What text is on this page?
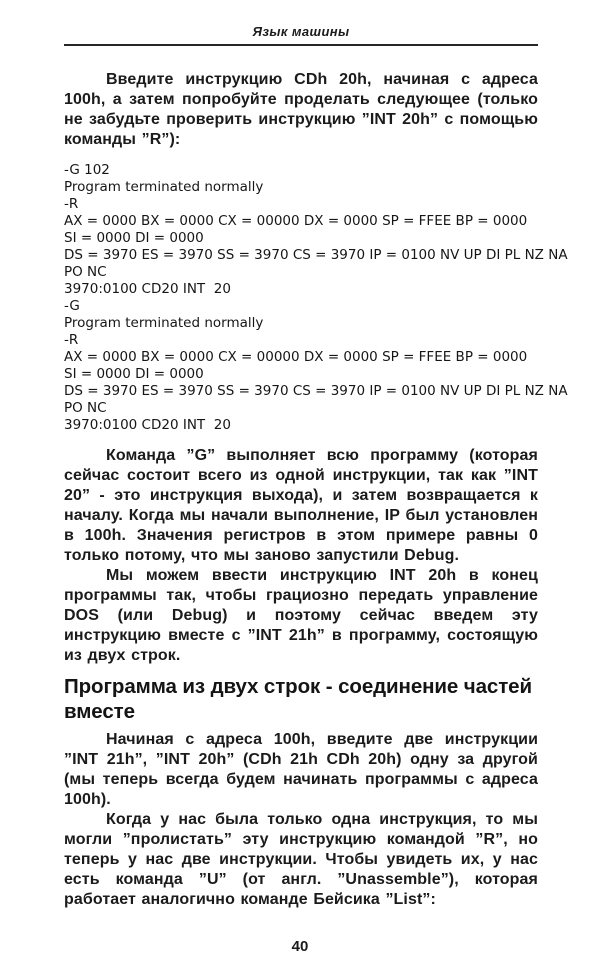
Язык машины

Введите инструкцию CDh 20h, начиная с адреса 100h, а затем попробуйте проделать следующее (только не забудьте проверить инструкцию ”INT 20h” с помощью команды ”R”):

-G 102
Program terminated normally
-R
AX = 0000 BX = 0000 CX = 00000 DX = 0000 SP = FFEE BP = 0000
SI = 0000 DI = 0000
DS = 3970 ES = 3970 SS = 3970 CS = 3970 IP = 0100 NV UP DI PL NZ NA
PO NC
3970:0100 CD20 INT  20
-G
Program terminated normally
-R
AX = 0000 BX = 0000 CX = 00000 DX = 0000 SP = FFEE BP = 0000
SI = 0000 DI = 0000
DS = 3970 ES = 3970 SS = 3970 CS = 3970 IP = 0100 NV UP DI PL NZ NA
PO NC
3970:0100 CD20 INT  20

Команда ”G” выполняет всю программу (которая сейчас состоит всего из одной инструкции, так как ”INT 20” - это инструкция выхода), и затем возвращается к началу. Когда мы начали выполнение, IP был установлен в 100h. Значения регистров в этом примере равны 0 только потому, что мы заново запустили Debug.

Мы можем ввести инструкцию INT 20h в конец программы так, чтобы грациозно передать управление DOS (или Debug) и поэтому сейчас введем эту инструкцию вместе с ”INT 21h” в программу, состоящую из двух строк.

Программа из двух строк - соединение частей вместе

Начиная с адреса 100h, введите две инструкции ”INT 21h”, ”INT 20h” (CDh 21h CDh 20h) одну за другой (мы теперь всегда будем начинать программы с адреса 100h).

Когда у нас была только одна инструкция, то мы могли ”пролистать” эту инструкцию командой ”R”, но теперь у нас две инструкции. Чтобы увидеть их, у нас есть команда ”U” (от англ. ”Unassemble”), которая работает аналогично команде Бейсика ”List”:

40
